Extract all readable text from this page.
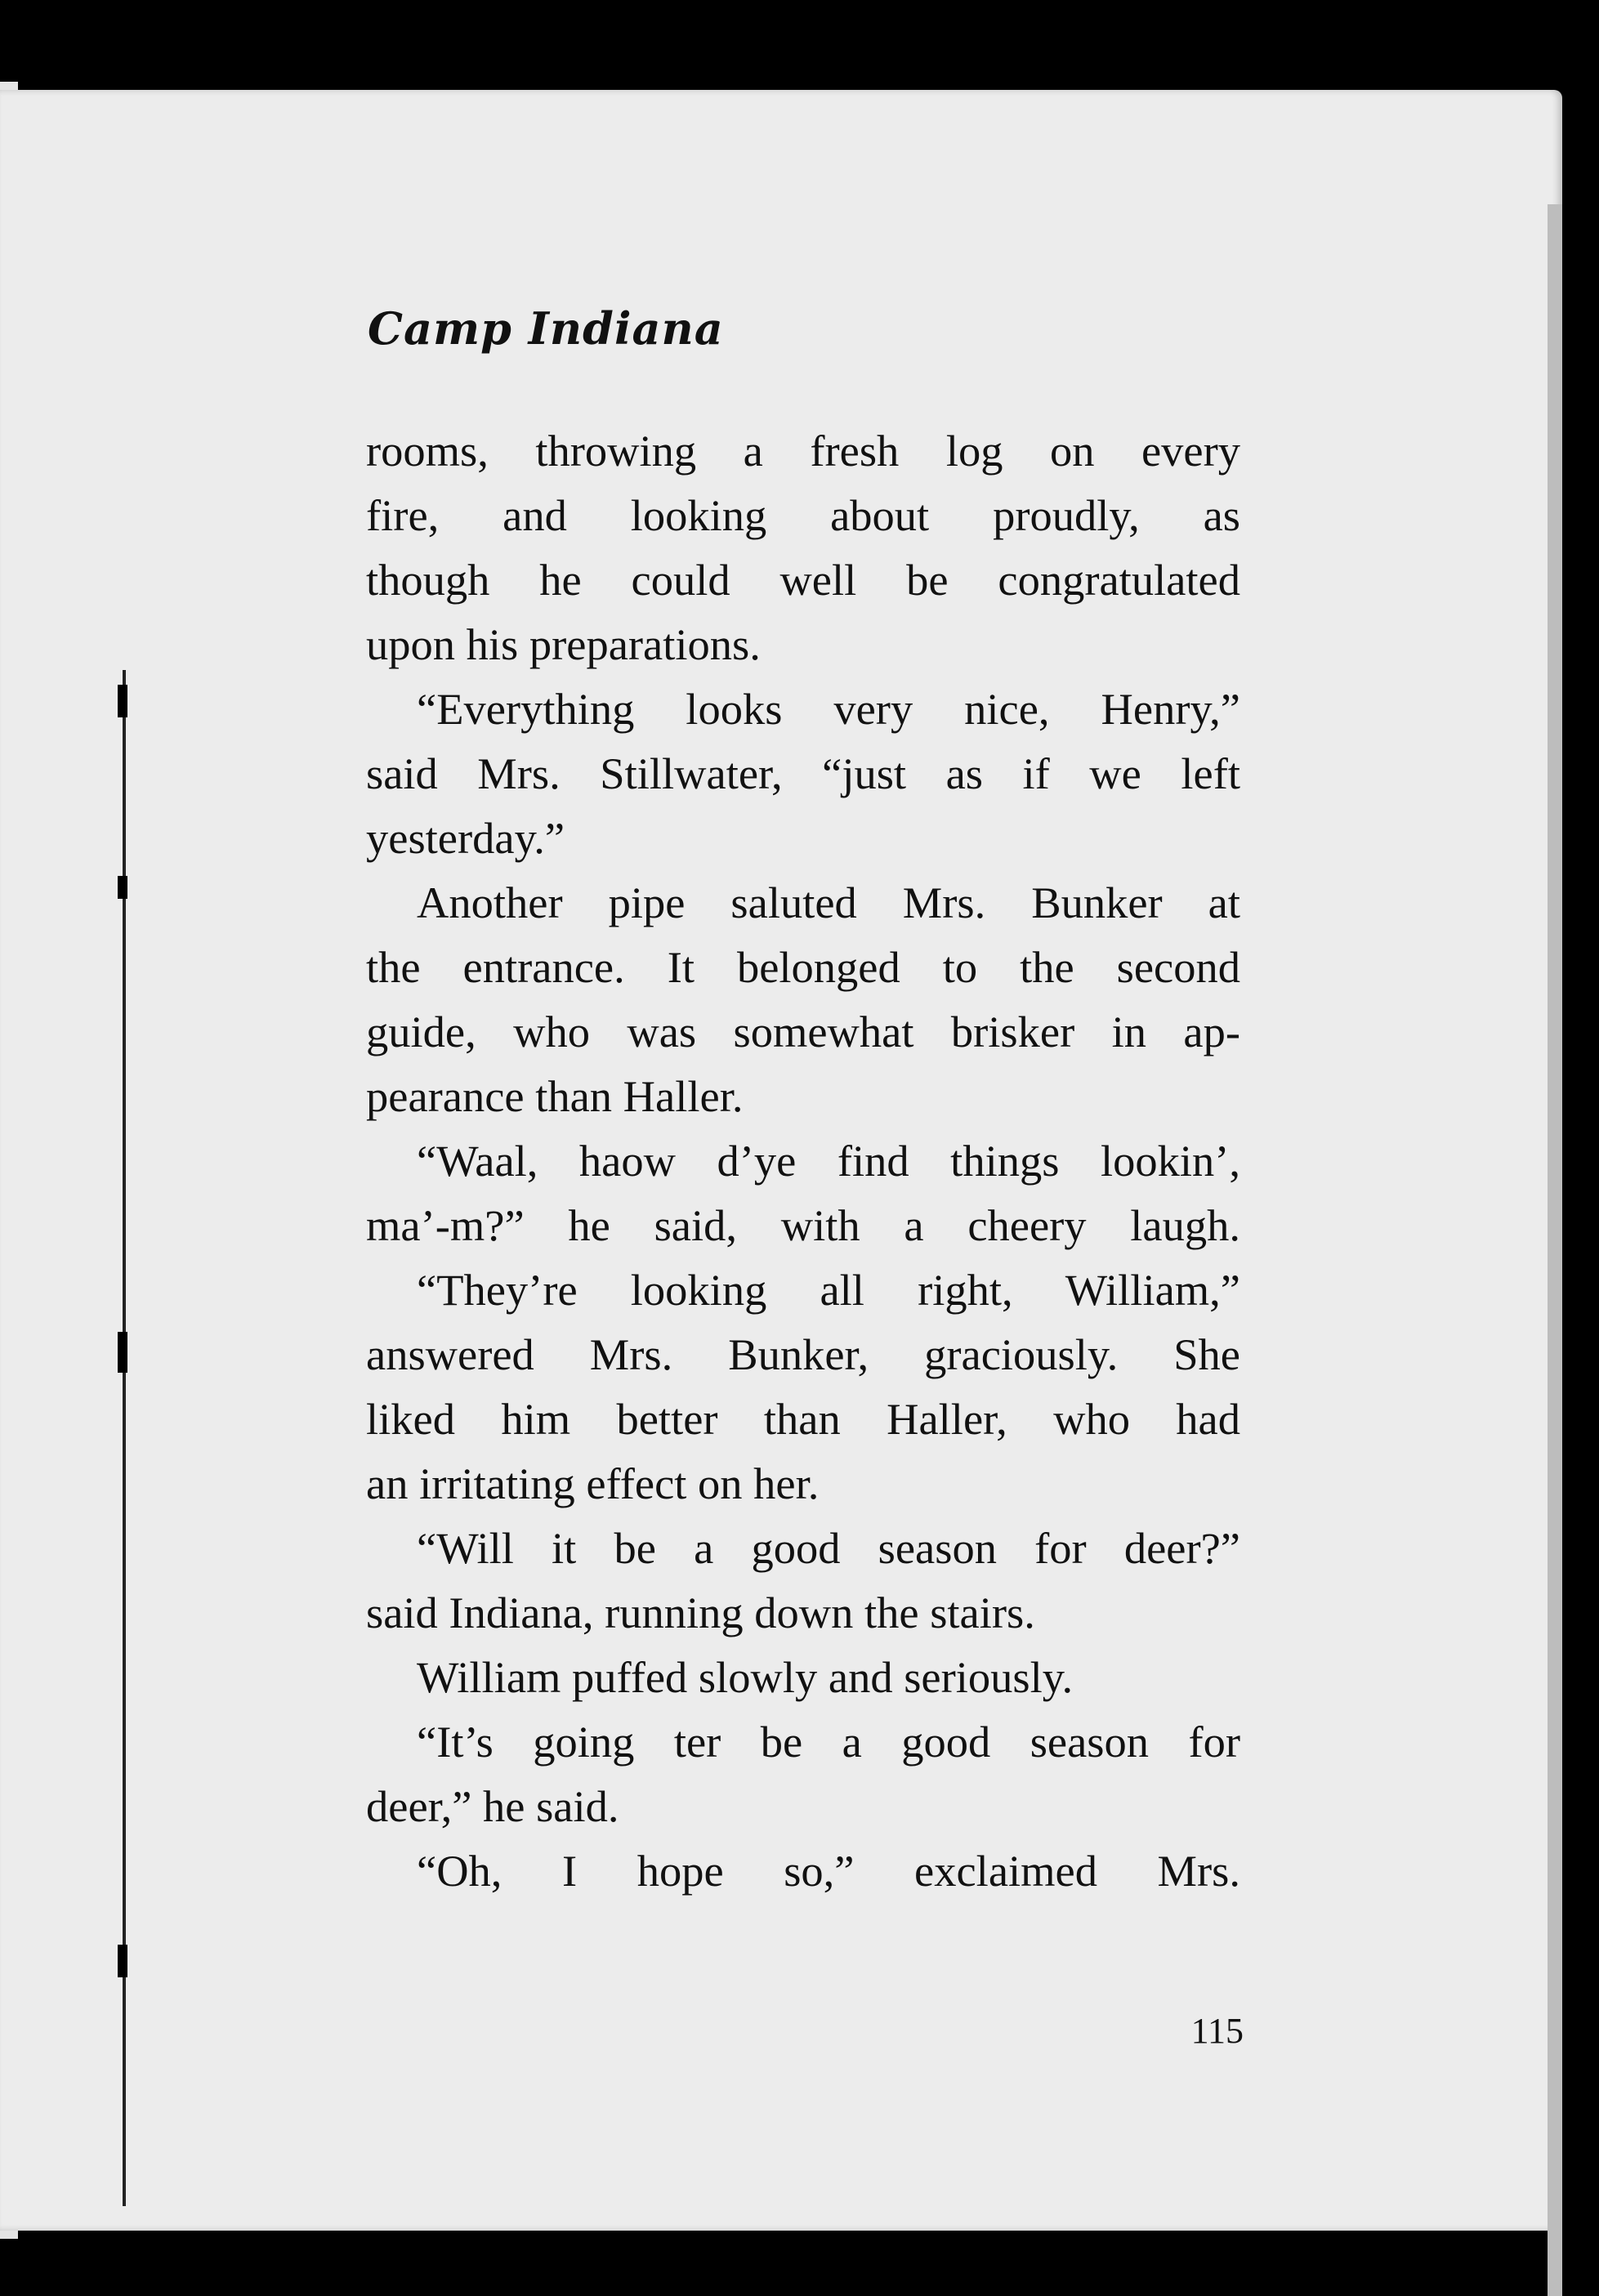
Camp Indiana
rooms, throwing a fresh log on every
fire, and looking about proudly, as
though he could well be congratulated
upon his preparations.
“Everything looks very nice, Henry,”
said Mrs. Stillwater, “just as if we left
yesterday.”
Another pipe saluted Mrs. Bunker at
the entrance. It belonged to the second
guide, who was somewhat brisker in ap-
pearance than Haller.
“Waal, haow d’ye find things lookin’,
ma’-m?” he said, with a cheery laugh.
“They’re looking all right, William,”
answered Mrs. Bunker, graciously. She
liked him better than Haller, who had
an irritating effect on her.
“Will it be a good season for deer?”
said Indiana, running down the stairs.
William puffed slowly and seriously.
“It’s going ter be a good season for
deer,” he said.
“Oh, I hope so,” exclaimed Mrs.
115
